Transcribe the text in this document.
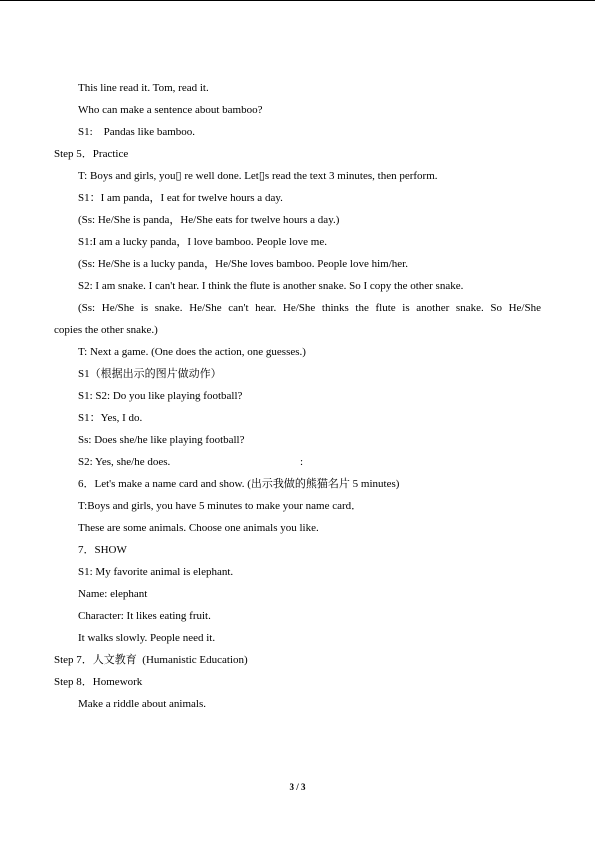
This line read it. Tom, read it.
Who can make a sentence about bamboo?
S1:    Pandas like bamboo.
Step 5．Practice
T: Boys and girls, you▯ re well done. Let▯s read the text 3 minutes, then perform.
S1：I am panda，I eat for twelve hours a day.
(Ss: He/She is panda，He/She eats for twelve hours a day.)
S1:I am a lucky panda，I love bamboo. People love me.
(Ss: He/She is a lucky panda，He/She loves bamboo. People love him/her.
S2: I am snake. I can't hear. I think the flute is another snake. So I copy the other snake.
(Ss: He/She is snake. He/She can't hear. He/She thinks the flute is another snake. So He/She
copies the other snake.)
T: Next a game. (One does the action, one guesses.)
S1（根据出示的图片做动作）
S1: S2: Do you like playing football?
S1：Yes, I do.
Ss: Does she/he like playing football?
S2: Yes, she/he does.	:
6．Let's make a name card and show. (出示我做的熊猫名片 5 minutes)
T:Boys and girls, you have 5 minutes to make your name card．
These are some animals. Choose one animals you like.
7．SHOW
S1: My favorite animal is elephant.
Name: elephant
Character: It likes eating fruit.
It walks slowly. People need it.
Step 7．人文教育  (Humanistic Education)
Step 8．Homework
Make a riddle about animals.
3 / 3
